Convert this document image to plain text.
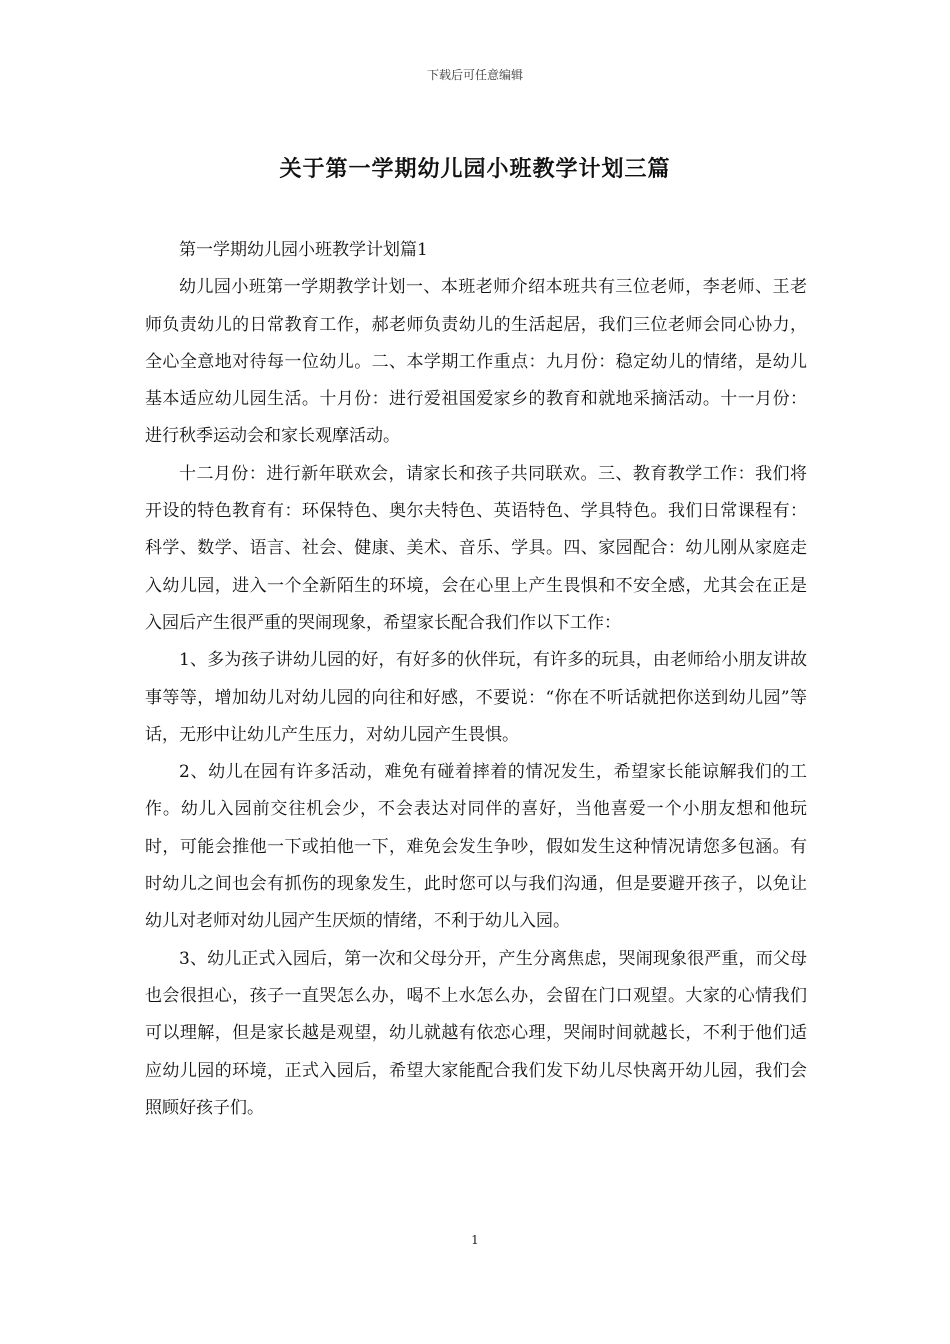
下载后可任意编辑
关于第一学期幼儿园小班教学计划三篇

第一学期幼儿园小班教学计划篇1

幼儿园小班第一学期教学计划一、本班老师介绍本班共有三位老师，李老师、王老师负责幼儿的日常教育工作，郝老师负责幼儿的生活起居，我们三位老师会同心协力，全心全意地对待每一位幼儿。二、本学期工作重点：九月份：稳定幼儿的情绪，是幼儿基本适应幼儿园生活。十月份：进行爱祖国爱家乡的教育和就地采摘活动。十一月份：进行秋季运动会和家长观摩活动。

十二月份：进行新年联欢会，请家长和孩子共同联欢。三、教育教学工作：我们将开设的特色教育有：环保特色、奥尔夫特色、英语特色、学具特色。我们日常课程有：科学、数学、语言、社会、健康、美术、音乐、学具。四、家园配合：幼儿刚从家庭走入幼儿园，进入一个全新陌生的环境，会在心里上产生畏惧和不安全感，尤其会在正是入园后产生很严重的哭闹现象，希望家长配合我们作以下工作：

1、多为孩子讲幼儿园的好，有好多的伙伴玩，有许多的玩具，由老师给小朋友讲故事等等，增加幼儿对幼儿园的向往和好感，不要说：“你在不听话就把你送到幼儿园”等话，无形中让幼儿产生压力，对幼儿园产生畏惧。

2、幼儿在园有许多活动，难免有碰着摔着的情况发生，希望家长能谅解我们的工作。幼儿入园前交往机会少，不会表达对同伴的喜好，当他喜爱一个小朋友想和他玩时，可能会推他一下或拍他一下，难免会发生争吵，假如发生这种情况请您多包涵。有时幼儿之间也会有抓伤的现象发生，此时您可以与我们沟通，但是要避开孩子，以免让幼儿对老师对幼儿园产生厌烦的情绪，不利于幼儿入园。

3、幼儿正式入园后，第一次和父母分开，产生分离焦虑，哭闹现象很严重，而父母也会很担心，孩子一直哭怎么办，喝不上水怎么办，会留在门口观望。大家的心情我们可以理解，但是家长越是观望，幼儿就越有依恋心理，哭闹时间就越长，不利于他们适应幼儿园的环境，正式入园后，希望大家能配合我们发下幼儿尽快离开幼儿园，我们会照顾好孩子们。

1
